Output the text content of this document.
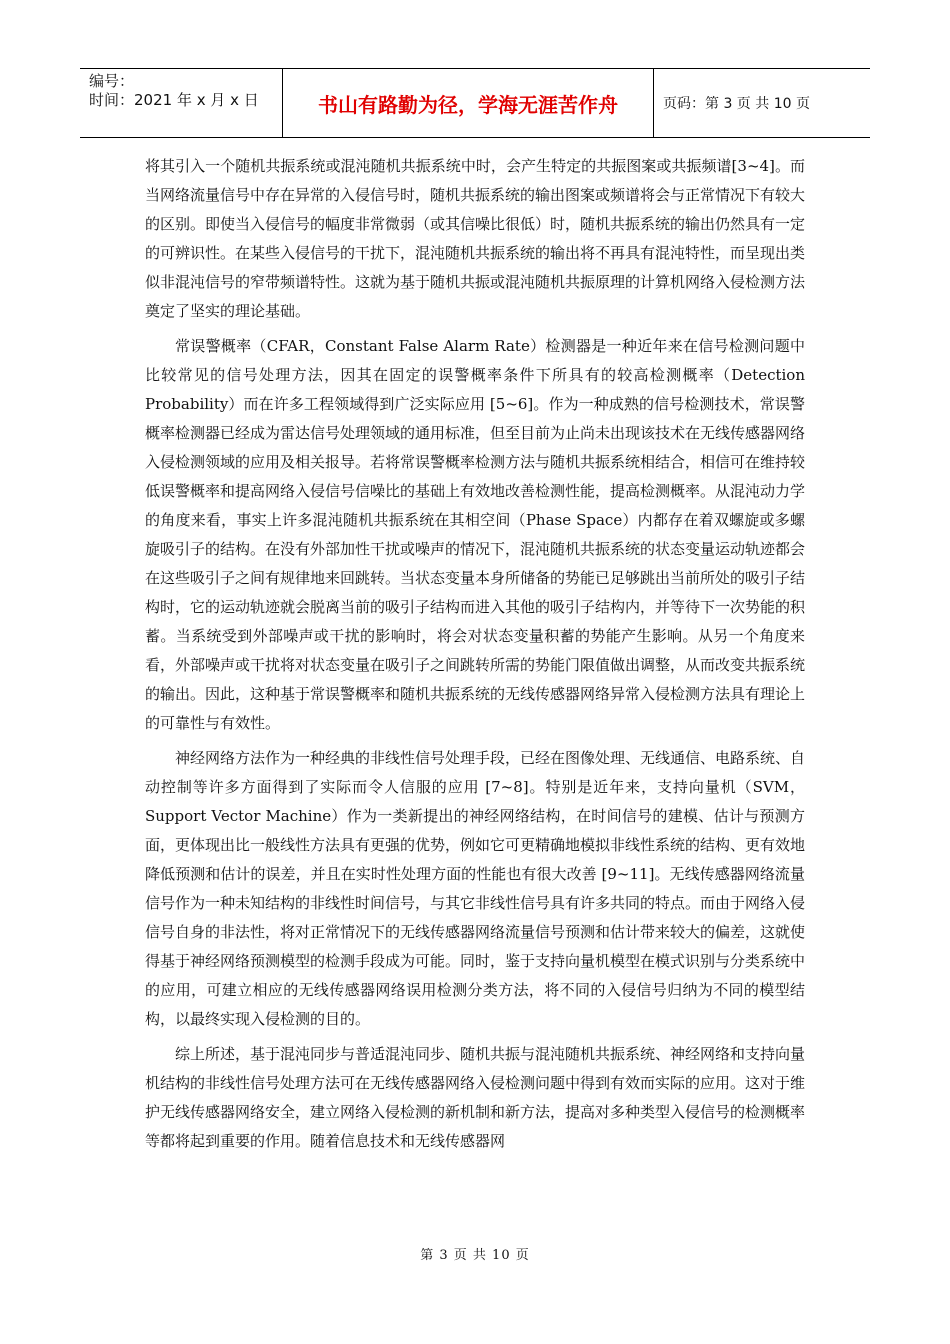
编号：
时间：2021 年 x 月 x 日	书山有路勤为径，学海无涯苦作舟	页码：第 3 页 共 10 页

将其引入一个随机共振系统或混沌随机共振系统中时，会产生特定的共振图案或共振频谱[3~4]。而当网络流量信号中存在异常的入侵信号时，随机共振系统的输出图案或频谱将会与正常情况下有较大的区别。即使当入侵信号的幅度非常微弱（或其信噪比很低）时，随机共振系统的输出仍然具有一定的可辨识性。在某些入侵信号的干扰下，混沌随机共振系统的输出将不再具有混沌特性，而呈现出类似非混沌信号的窄带频谱特性。这就为基于随机共振或混沌随机共振原理的计算机网络入侵检测方法奠定了坚实的理论基础。

常误警概率（CFAR，Constant False Alarm Rate）检测器是一种近年来在信号检测问题中比较常见的信号处理方法，因其在固定的误警概率条件下所具有的较高检测概率（Detection Probability）而在许多工程领域得到广泛实际应用 [5~6]。作为一种成熟的信号检测技术，常误警概率检测器已经成为雷达信号处理领域的通用标准，但至目前为止尚未出现该技术在无线传感器网络入侵检测领域的应用及相关报导。若将常误警概率检测方法与随机共振系统相结合，相信可在维持较低误警概率和提高网络入侵信号信噪比的基础上有效地改善检测性能，提高检测概率。从混沌动力学的角度来看，事实上许多混沌随机共振系统在其相空间（Phase Space）内都存在着双螺旋或多螺旋吸引子的结构。在没有外部加性干扰或噪声的情况下，混沌随机共振系统的状态变量运动轨迹都会在这些吸引子之间有规律地来回跳转。当状态变量本身所储备的势能已足够跳出当前所处的吸引子结构时，它的运动轨迹就会脱离当前的吸引子结构而进入其他的吸引子结构内，并等待下一次势能的积蓄。当系统受到外部噪声或干扰的影响时，将会对状态变量积蓄的势能产生影响。从另一个角度来看，外部噪声或干扰将对状态变量在吸引子之间跳转所需的势能门限值做出调整，从而改变共振系统的输出。因此，这种基于常误警概率和随机共振系统的无线传感器网络异常入侵检测方法具有理论上的可靠性与有效性。

神经网络方法作为一种经典的非线性信号处理手段，已经在图像处理、无线通信、电路系统、自动控制等许多方面得到了实际而令人信服的应用 [7~8]。特别是近年来，支持向量机（SVM，Support Vector Machine）作为一类新提出的神经网络结构，在时间信号的建模、估计与预测方面，更体现出比一般线性方法具有更强的优势，例如它可更精确地模拟非线性系统的结构、更有效地降低预测和估计的误差，并且在实时性处理方面的性能也有很大改善 [9~11]。无线传感器网络流量信号作为一种未知结构的非线性时间信号，与其它非线性信号具有许多共同的特点。而由于网络入侵信号自身的非法性，将对正常情况下的无线传感器网络流量信号预测和估计带来较大的偏差，这就使得基于神经网络预测模型的检测手段成为可能。同时，鉴于支持向量机模型在模式识别与分类系统中的应用，可建立相应的无线传感器网络误用检测分类方法，将不同的入侵信号归纳为不同的模型结构，以最终实现入侵检测的目的。

综上所述，基于混沌同步与普适混沌同步、随机共振与混沌随机共振系统、神经网络和支持向量机结构的非线性信号处理方法可在无线传感器网络入侵检测问题中得到有效而实际的应用。这对于维护无线传感器网络安全，建立网络入侵检测的新机制和新方法，提高对多种类型入侵信号的检测概率等都将起到重要的作用。随着信息技术和无线传感器网

第 3 页 共 10 页
